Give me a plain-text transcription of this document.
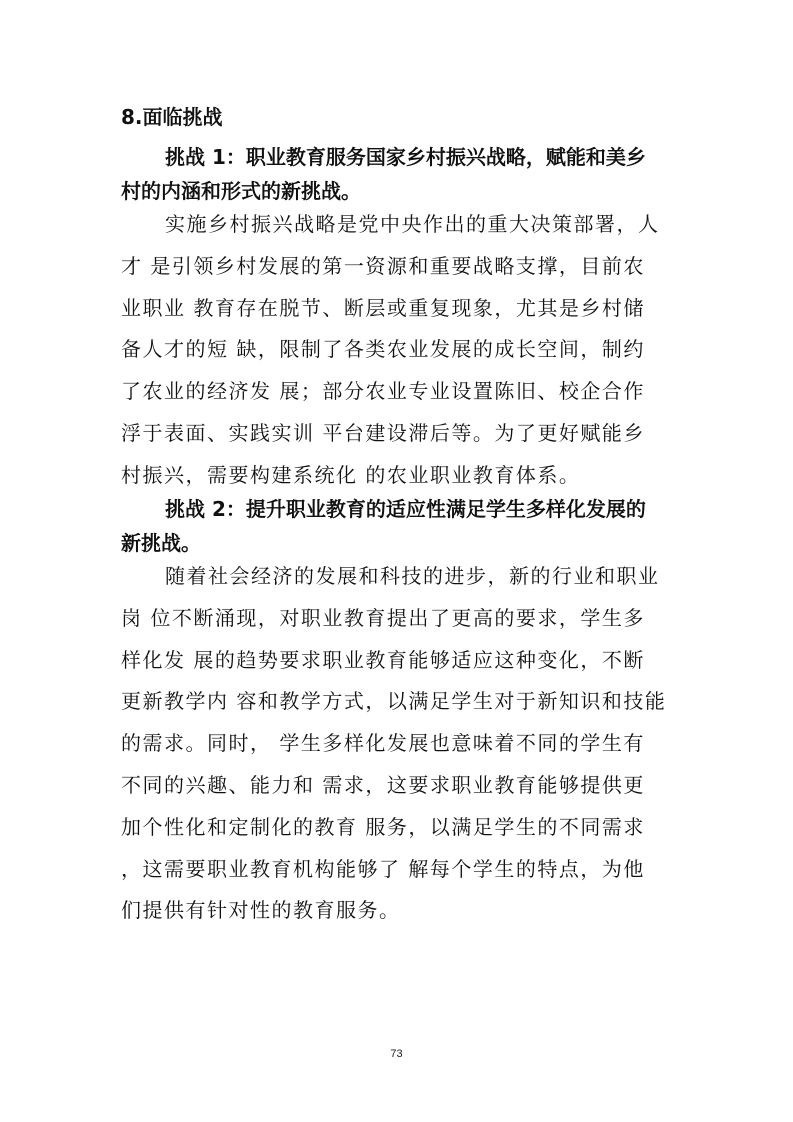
8.面临挑战
挑战 1：职业教育服务国家乡村振兴战略，赋能和美乡
村的内涵和形式的新挑战。
实施乡村振兴战略是党中央作出的重大决策部署，人
才 是引领乡村发展的第一资源和重要战略支撑，目前农
业职业 教育存在脱节、断层或重复现象，尤其是乡村储
备人才的短 缺，限制了各类农业发展的成长空间，制约
了农业的经济发 展；部分农业专业设置陈旧、校企合作
浮于表面、实践实训 平台建设滞后等。为了更好赋能乡
村振兴，需要构建系统化 的农业职业教育体系。
挑战 2：提升职业教育的适应性满足学生多样化发展的
新挑战。
随着社会经济的发展和科技的进步，新的行业和职业
岗 位不断涌现，对职业教育提出了更高的要求，学生多
样化发 展的趋势要求职业教育能够适应这种变化，不断
更新教学内 容和教学方式，以满足学生对于新知识和技能
的需求。同时， 学生多样化发展也意味着不同的学生有
不同的兴趣、能力和 需求，这要求职业教育能够提供更
加个性化和定制化的教育 服务，以满足学生的不同需求
，这需要职业教育机构能够了 解每个学生的特点，为他
们提供有针对性的教育服务。
73
